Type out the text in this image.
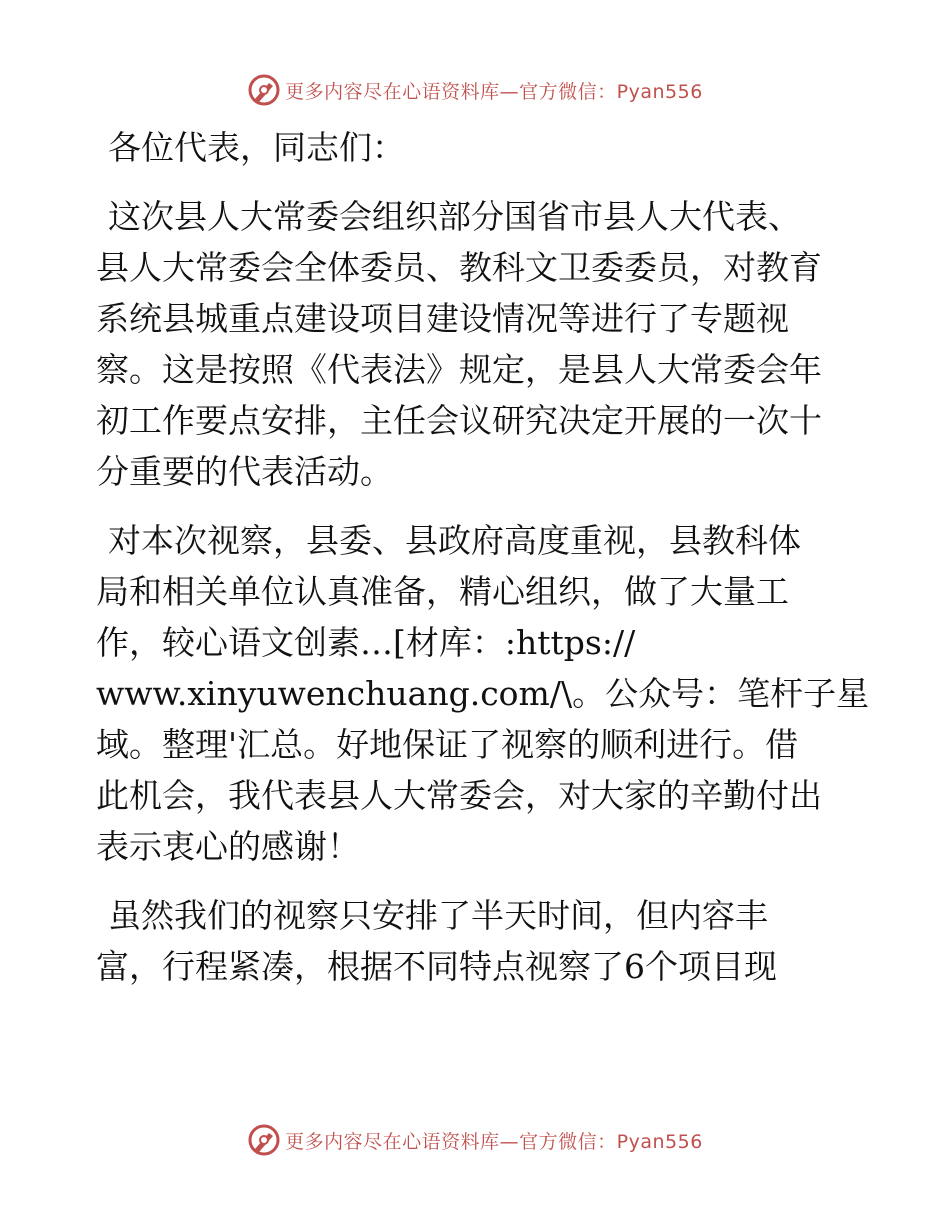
更多内容尽在心语资料库—官方微信：Pyan556

各位代表，同志们：

这次县人大常委会组织部分国省市县人大代表、
县人大常委会全体委员、教科文卫委委员，对教育
系统县城重点建设项目建设情况等进行了专题视
察。这是按照《代表法》规定，是县人大常委会年
初工作要点安排，主任会议研究决定开展的一次十
分重要的代表活动。

对本次视察，县委、县政府高度重视，县教科体
局和相关单位认真准备，精心组织，做了大量工
作，较心语文创素…[材库：:https://
www.xinyuwenchuang.com/\。公众号：笔杆子星
域。整理'汇总。好地保证了视察的顺利进行。借
此机会，我代表县人大常委会，对大家的辛勤付出
表示衷心的感谢！

虽然我们的视察只安排了半天时间，但内容丰
富，行程紧凑，根据不同特点视察了6个项目现

更多内容尽在心语资料库—官方微信：Pyan556
